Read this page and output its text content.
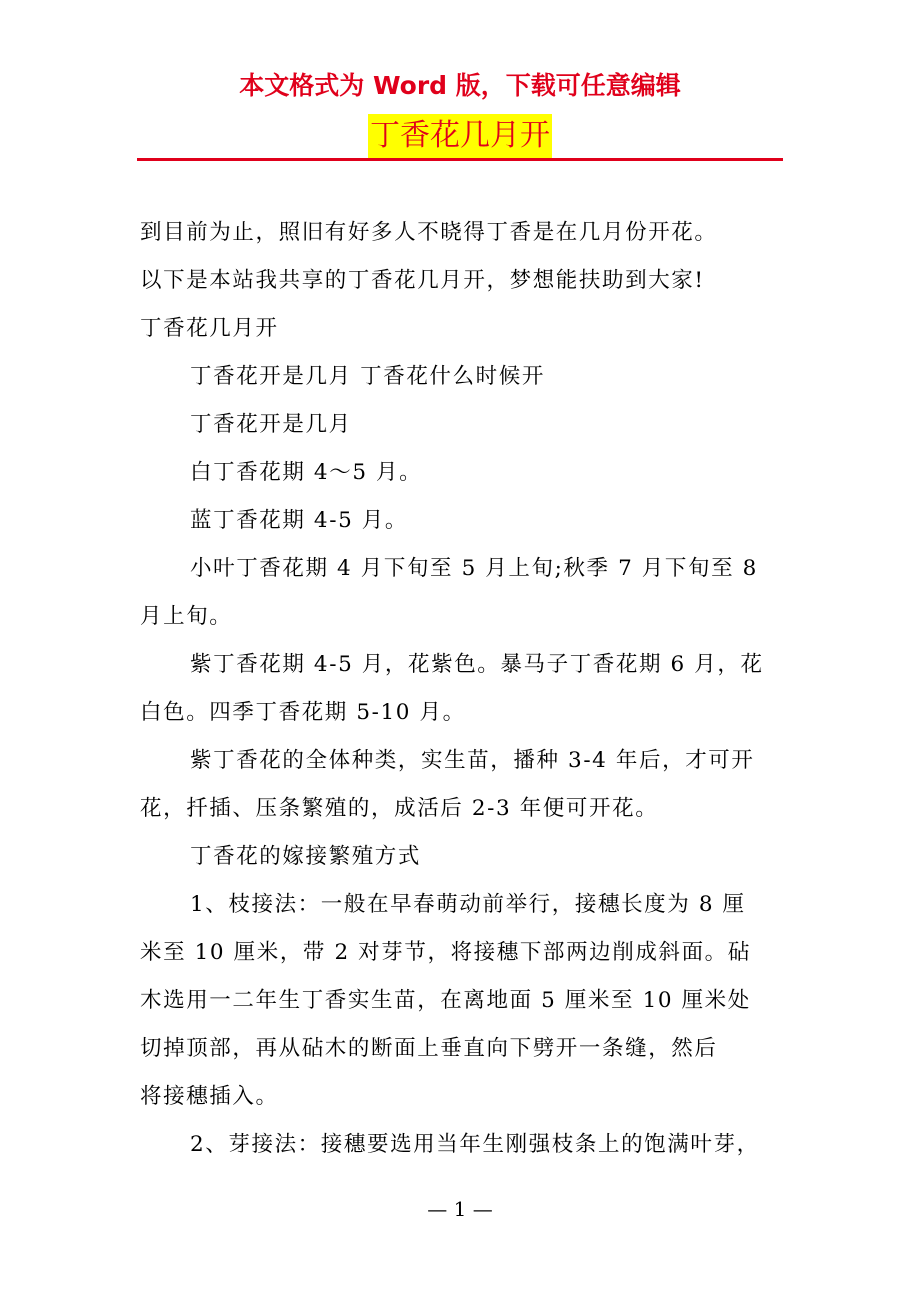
本文格式为 Word 版，下载可任意编辑
丁香花几月开

到目前为止，照旧有好多人不晓得丁香是在几月份开花。

以下是本站我共享的丁香花几月开，梦想能扶助到大家!

丁香花几月开

丁香花开是几月 丁香花什么时候开

丁香花开是几月

白丁香花期 4～5 月。

蓝丁香花期 4-5 月。

小叶丁香花期 4 月下旬至 5 月上旬;秋季 7 月下旬至 8

月上旬。

紫丁香花期 4-5 月，花紫色。暴马子丁香花期 6 月，花

白色。四季丁香花期 5-10 月。

紫丁香花的全体种类，实生苗，播种 3-4 年后，才可开

花，扦插、压条繁殖的，成活后 2-3 年便可开花。

丁香花的嫁接繁殖方式

1、枝接法：一般在早春萌动前举行，接穗长度为 8 厘

米至 10 厘米，带 2 对芽节，将接穗下部两边削成斜面。砧

木选用一二年生丁香实生苗，在离地面 5 厘米至 10 厘米处

切掉顶部，再从砧木的断面上垂直向下劈开一条缝，然后

将接穗插入。

2、芽接法：接穗要选用当年生刚强枝条上的饱满叶芽，

— 1 —
